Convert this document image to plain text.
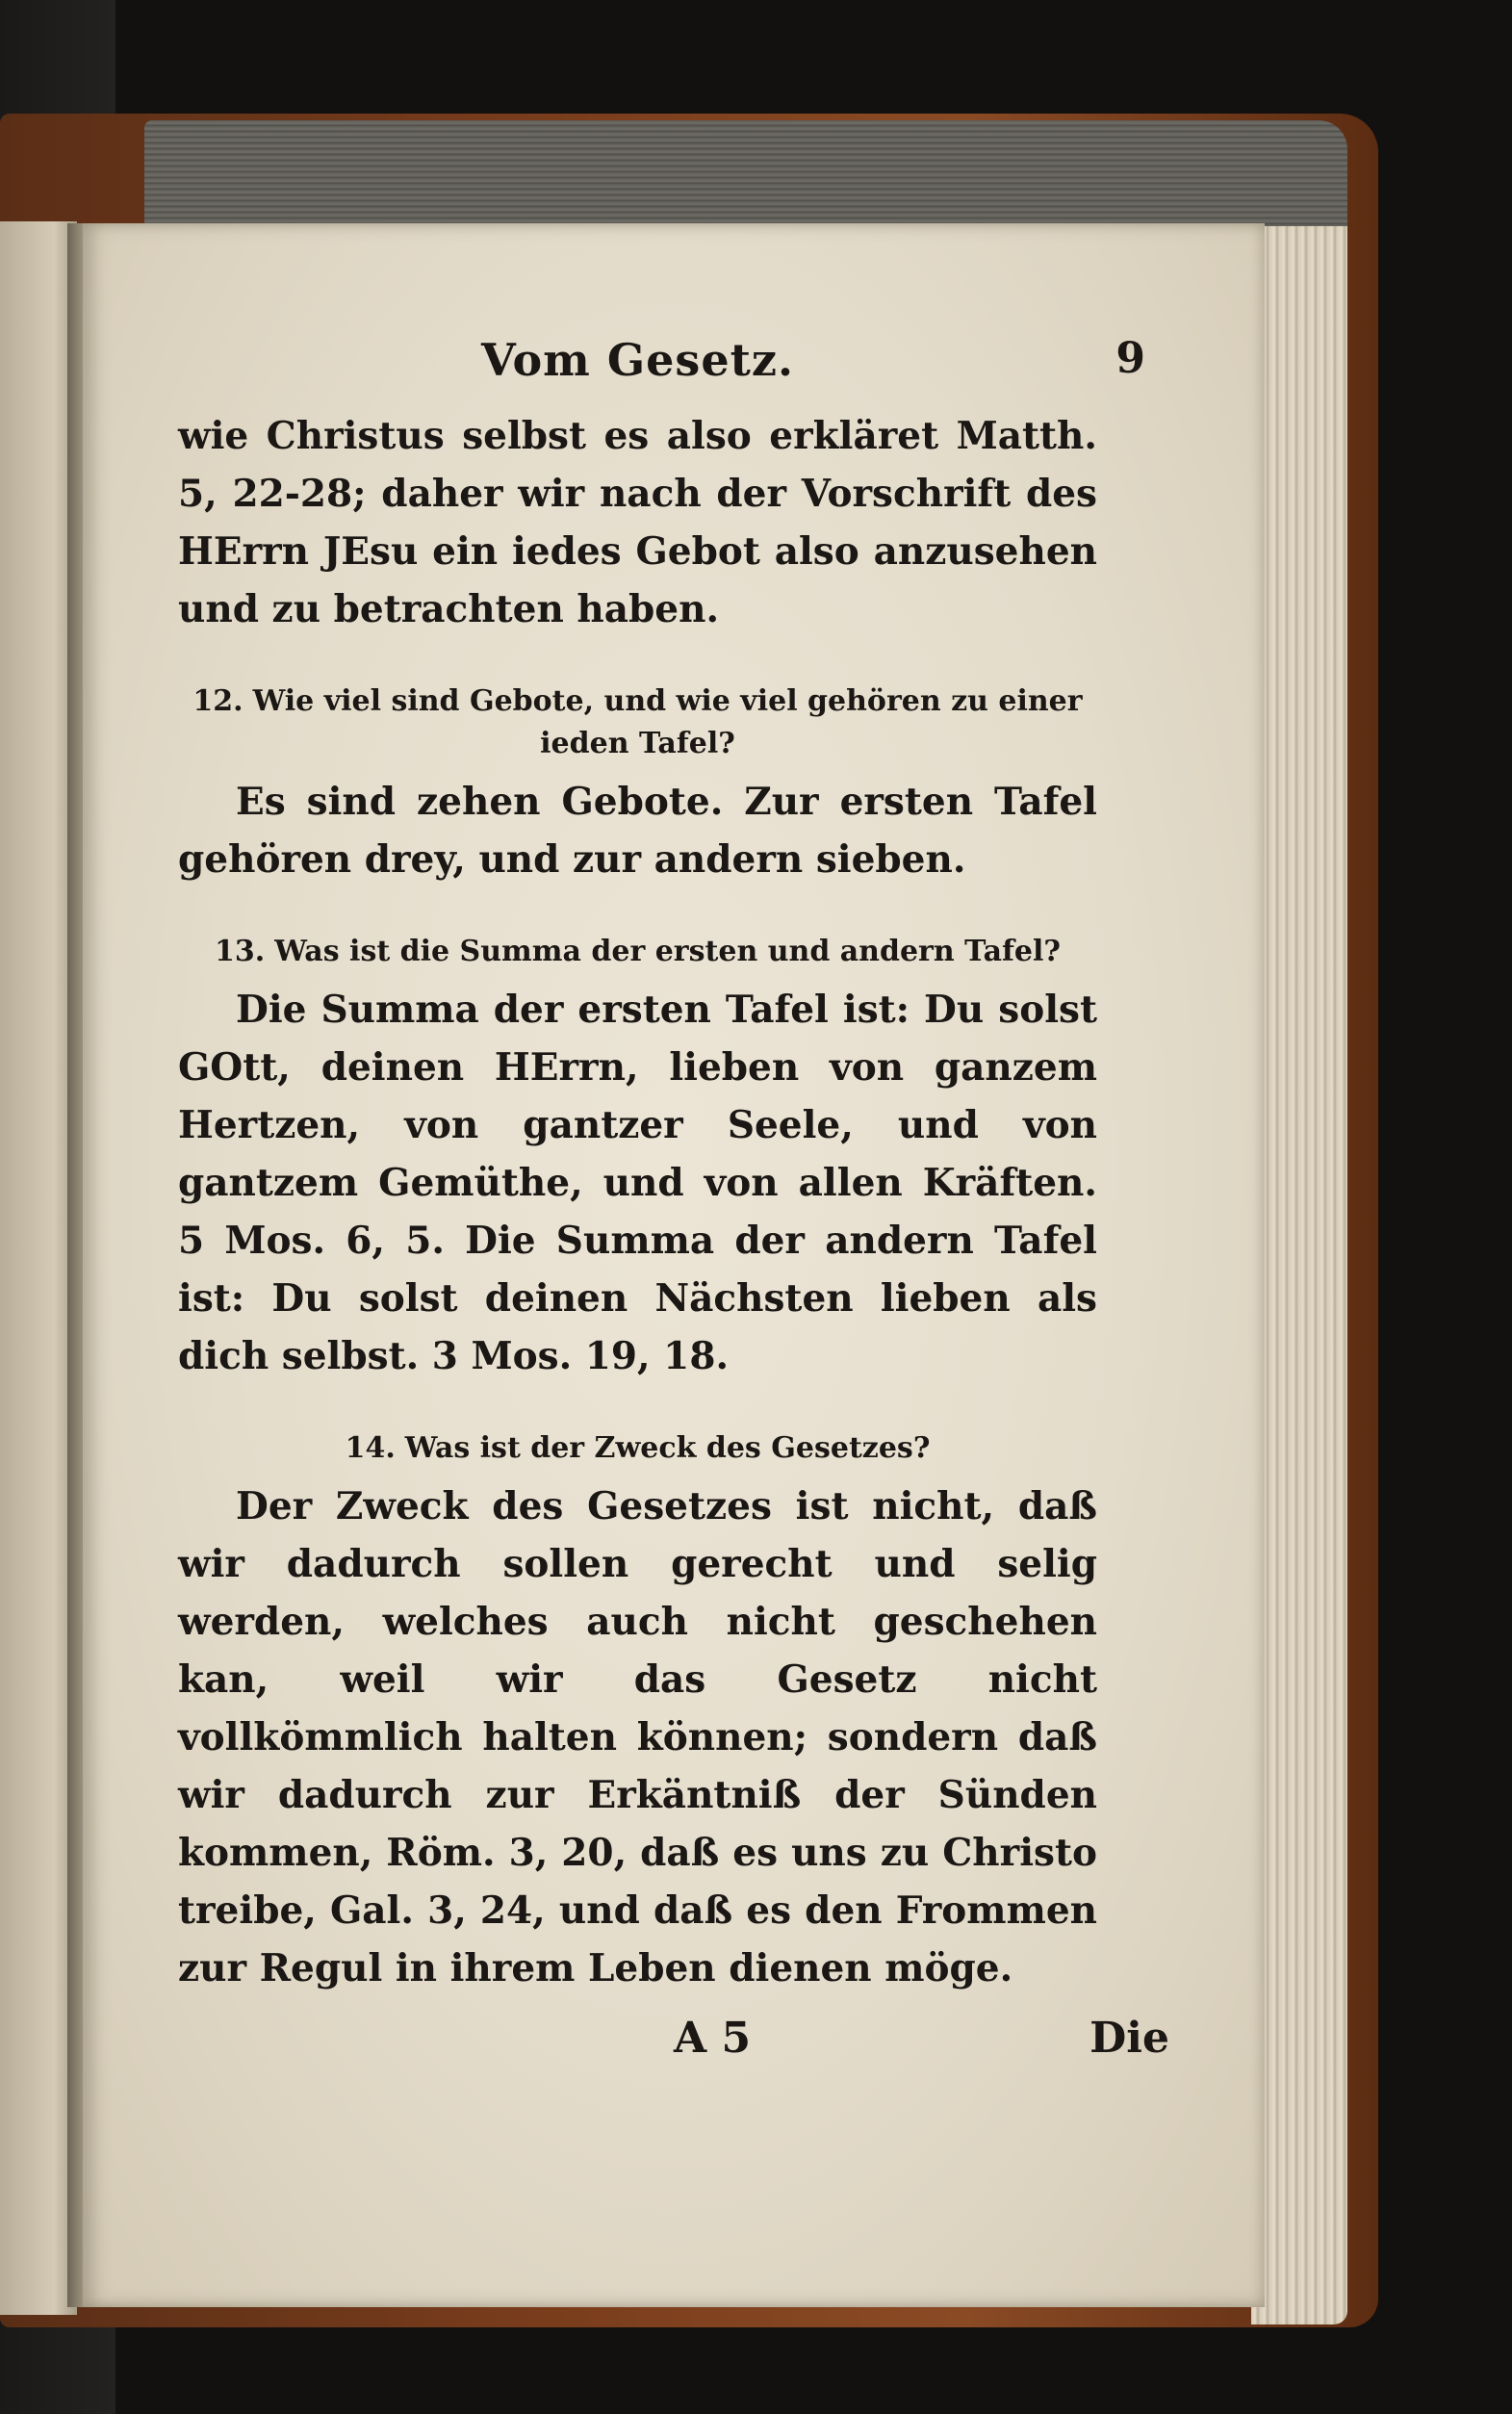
Vom Gesetz.	9

wie Christus selbst es also erkläret Matth. 5, 22-28; daher wir nach der Vorschrift des HErrn JEsu ein iedes Gebot also anzusehen und zu betrachten haben.

12. Wie viel sind Gebote, und wie viel gehören zu einer ieden Tafel?

Es sind zehen Gebote. Zur ersten Tafel gehören drey, und zur andern sieben.

13. Was ist die Summa der ersten und andern Tafel?

Die Summa der ersten Tafel ist: Du solst GOtt, deinen HErrn, lieben von ganzem Hertzen, von gantzer Seele, und von gantzem Gemüthe, und von allen Kräften. 5 Mos. 6, 5. Die Summa der andern Tafel ist: Du solst deinen Nächsten lieben als dich selbst. 3 Mos. 19, 18.

14. Was ist der Zweck des Gesetzes?

Der Zweck des Gesetzes ist nicht, daß wir dadurch sollen gerecht und selig werden, welches auch nicht geschehen kan, weil wir das Gesetz nicht vollkömmlich halten können; sondern daß wir dadurch zur Erkäntniß der Sünden kommen, Röm. 3, 20, daß es uns zu Christo treibe, Gal. 3, 24, und daß es den Frommen zur Regul in ihrem Leben dienen möge.

A 5	Die
